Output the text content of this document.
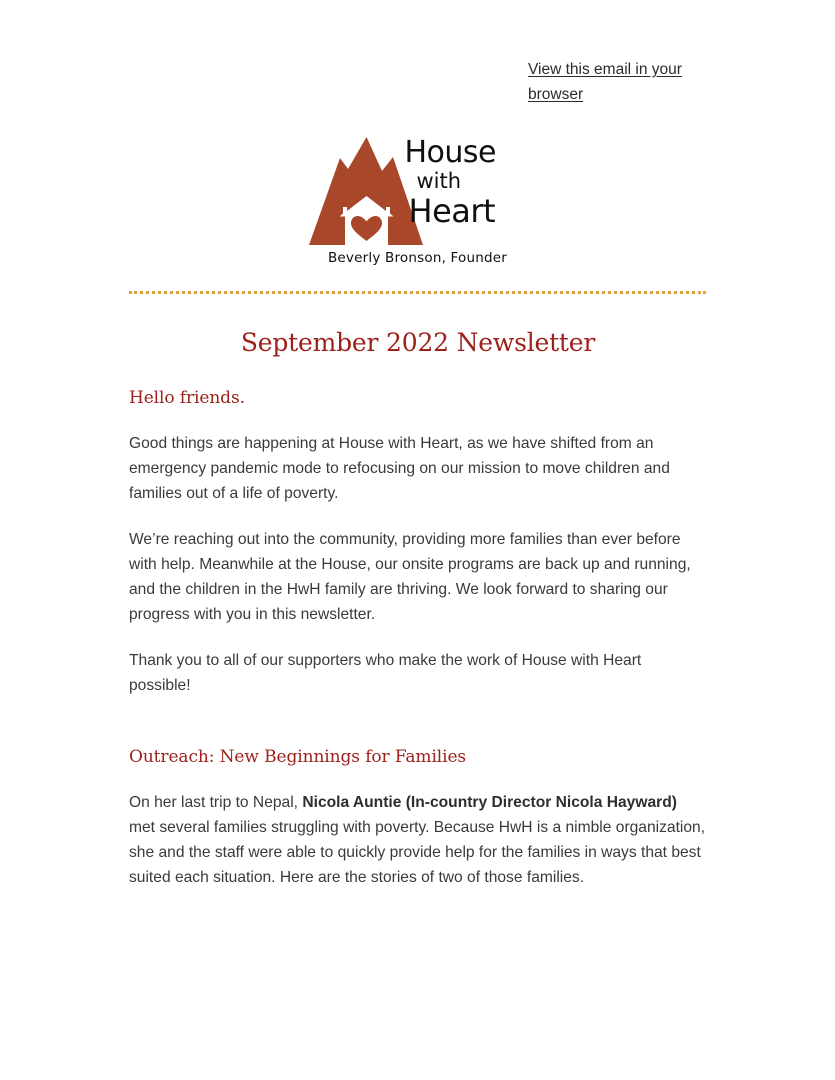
View this email in your browser
House
with
Heart
Beverly Bronson, Founder
September 2022 Newsletter
Hello friends.

Good things are happening at House with Heart, as we have shifted from an emergency pandemic mode to refocusing on our mission to move children and families out of a life of poverty.

We’re reaching out into the community, providing more families than ever before with help. Meanwhile at the House, our onsite programs are back up and running, and the children in the HwH family are thriving. We look forward to sharing our progress with you in this newsletter.

Thank you to all of our supporters who make the work of House with Heart possible!

Outreach: New Beginnings for Families

On her last trip to Nepal, Nicola Auntie (In-country Director Nicola Hayward) met several families struggling with poverty. Because HwH is a nimble organization, she and the staff were able to quickly provide help for the families in ways that best suited each situation. Here are the stories of two of those families.
